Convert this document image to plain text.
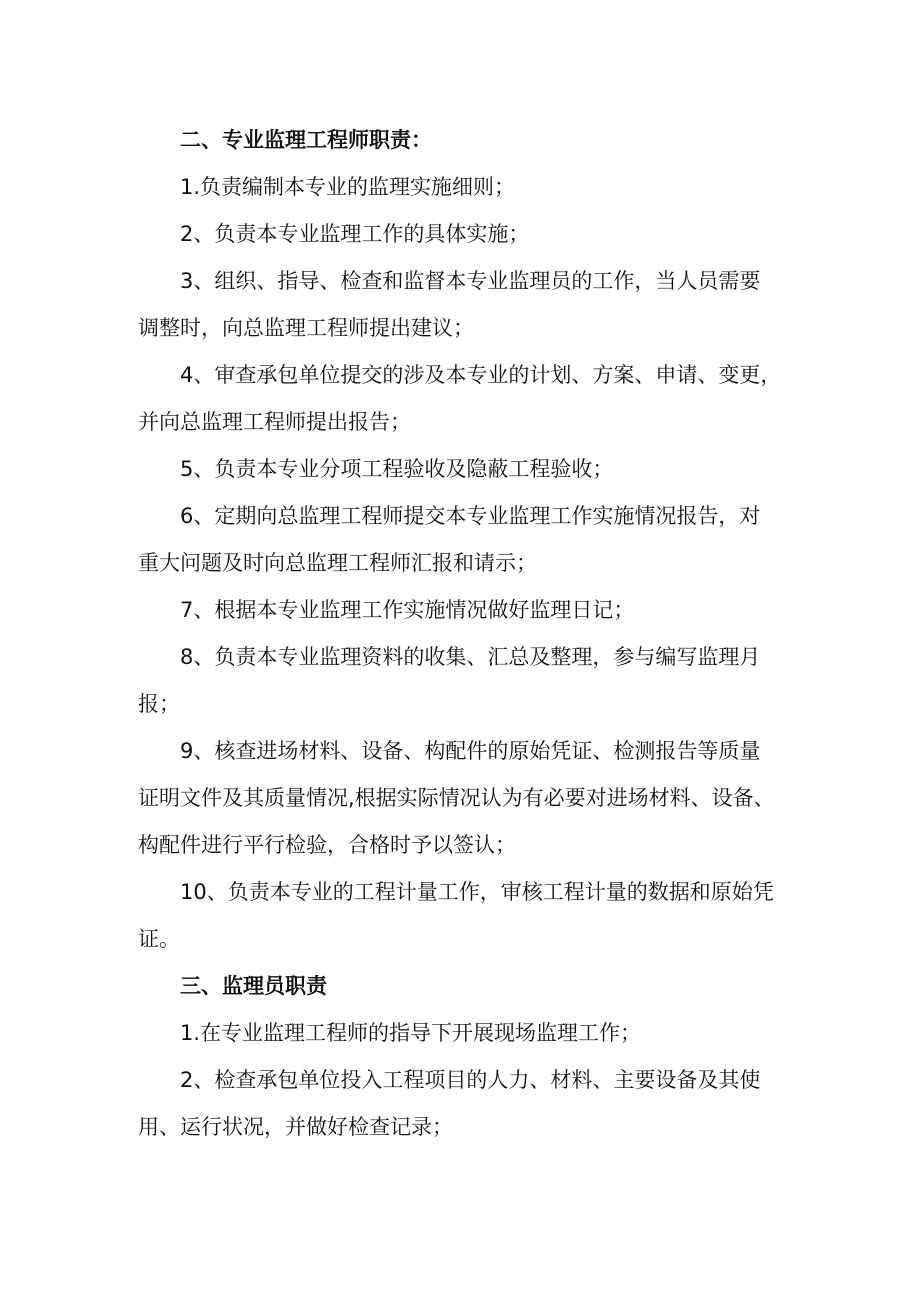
二、专业监理工程师职责：
1.负责编制本专业的监理实施细则；
2、负责本专业监理工作的具体实施；
3、组织、指导、检查和监督本专业监理员的工作，当人员需要
调整时，向总监理工程师提出建议；
4、审查承包单位提交的涉及本专业的计划、方案、申请、变更，
并向总监理工程师提出报告；
5、负责本专业分项工程验收及隐蔽工程验收；
6、定期向总监理工程师提交本专业监理工作实施情况报告，对
重大问题及时向总监理工程师汇报和请示；
7、根据本专业监理工作实施情况做好监理日记；
8、负责本专业监理资料的收集、汇总及整理，参与编写监理月
报；
9、核查进场材料、设备、构配件的原始凭证、检测报告等质量
证明文件及其质量情况,根据实际情况认为有必要对进场材料、设备、
构配件进行平行检验，合格时予以签认；
10、负责本专业的工程计量工作，审核工程计量的数据和原始凭
证。
三、监理员职责
1.在专业监理工程师的指导下开展现场监理工作；
2、检查承包单位投入工程项目的人力、材料、主要设备及其使
用、运行状况，并做好检查记录；
